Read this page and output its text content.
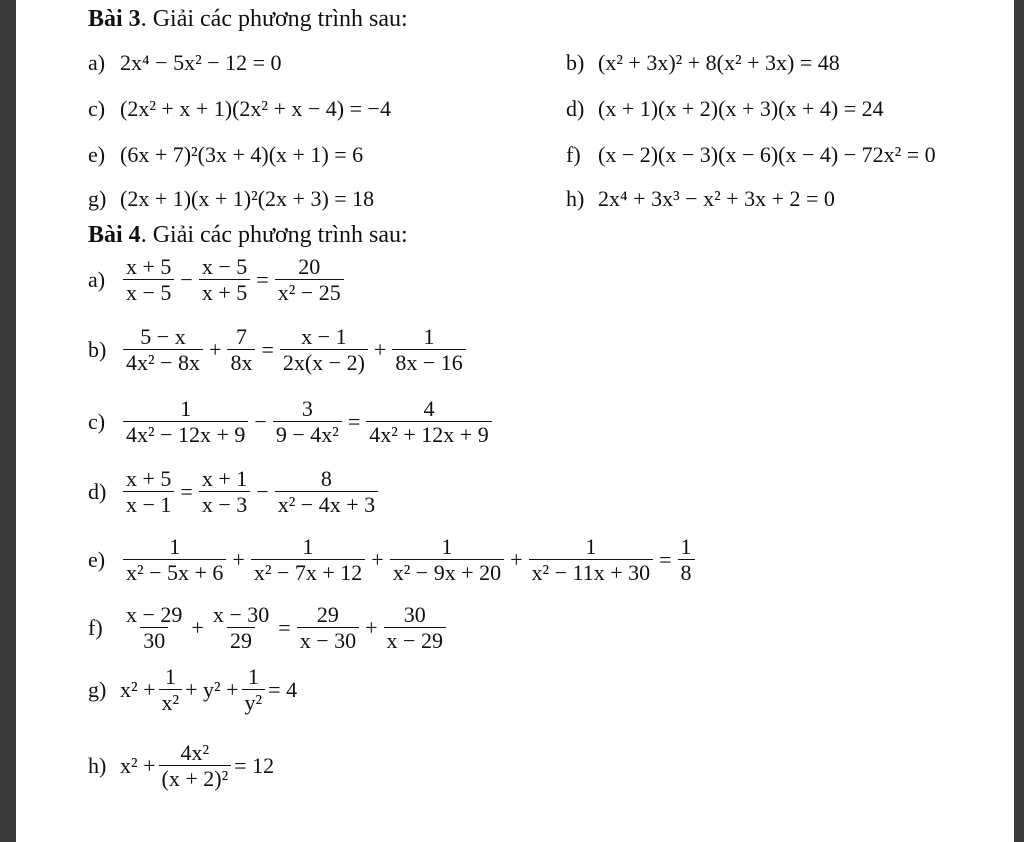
Bài 3. Giải các phương trình sau:
a) 2x⁴ − 5x² − 12 = 0	b) (x² + 3x)² + 8(x² + 3x) = 48
c) (2x² + x + 1)(2x² + x − 4) = −4	d) (x + 1)(x + 2)(x + 3)(x + 4) = 24
e) (6x + 7)²(3x + 4)(x + 1) = 6	f) (x − 2)(x − 3)(x − 6)(x − 4) − 72x² = 0
g) (2x + 1)(x + 1)²(2x + 3) = 18	h) 2x⁴ + 3x³ − x² + 3x + 2 = 0
Bài 4. Giải các phương trình sau:
$a) \frac{x + 5}{x - 5} - \frac{x - 5}{x + 5} = \frac{20}{\text{x² − 25}}$
$b) \frac{5 - x}{\text{4x² − 8x}} + \frac{7}{8x} = \frac{x - 1}{2x(x - 2)} + \frac{1}{8x - 16}$
$c) \frac{1}{\text{4x² − 12x + 9}} - \frac{3}{\text{9 − 4x²}} = \frac{4}{\text{4x² + 12x + 9}}$
$d) \frac{x + 5}{x - 1} = \frac{x + 1}{x - 3} - \frac{8}{\text{x² − 4x + 3}}$
$e) \frac{1}{\text{x² − 5x + 6}} + \frac{1}{\text{x² − 7x + 12}} + \frac{1}{\text{x² − 9x + 20}} + \frac{1}{\text{x² − 11x + 30}} = \frac{1}{8}$
$f) \frac{x - 29}{30} + \frac{x - 30}{29} = \frac{29}{x - 30} + \frac{30}{x - 29}$
g) $x^2 + \frac{1}{\text{x²}} + y^2 + \frac{1}{\text{y²}} = 4$
h) $x^2 + \frac{\text{4x²}}{\text{(x + 2)²}} = 12$
